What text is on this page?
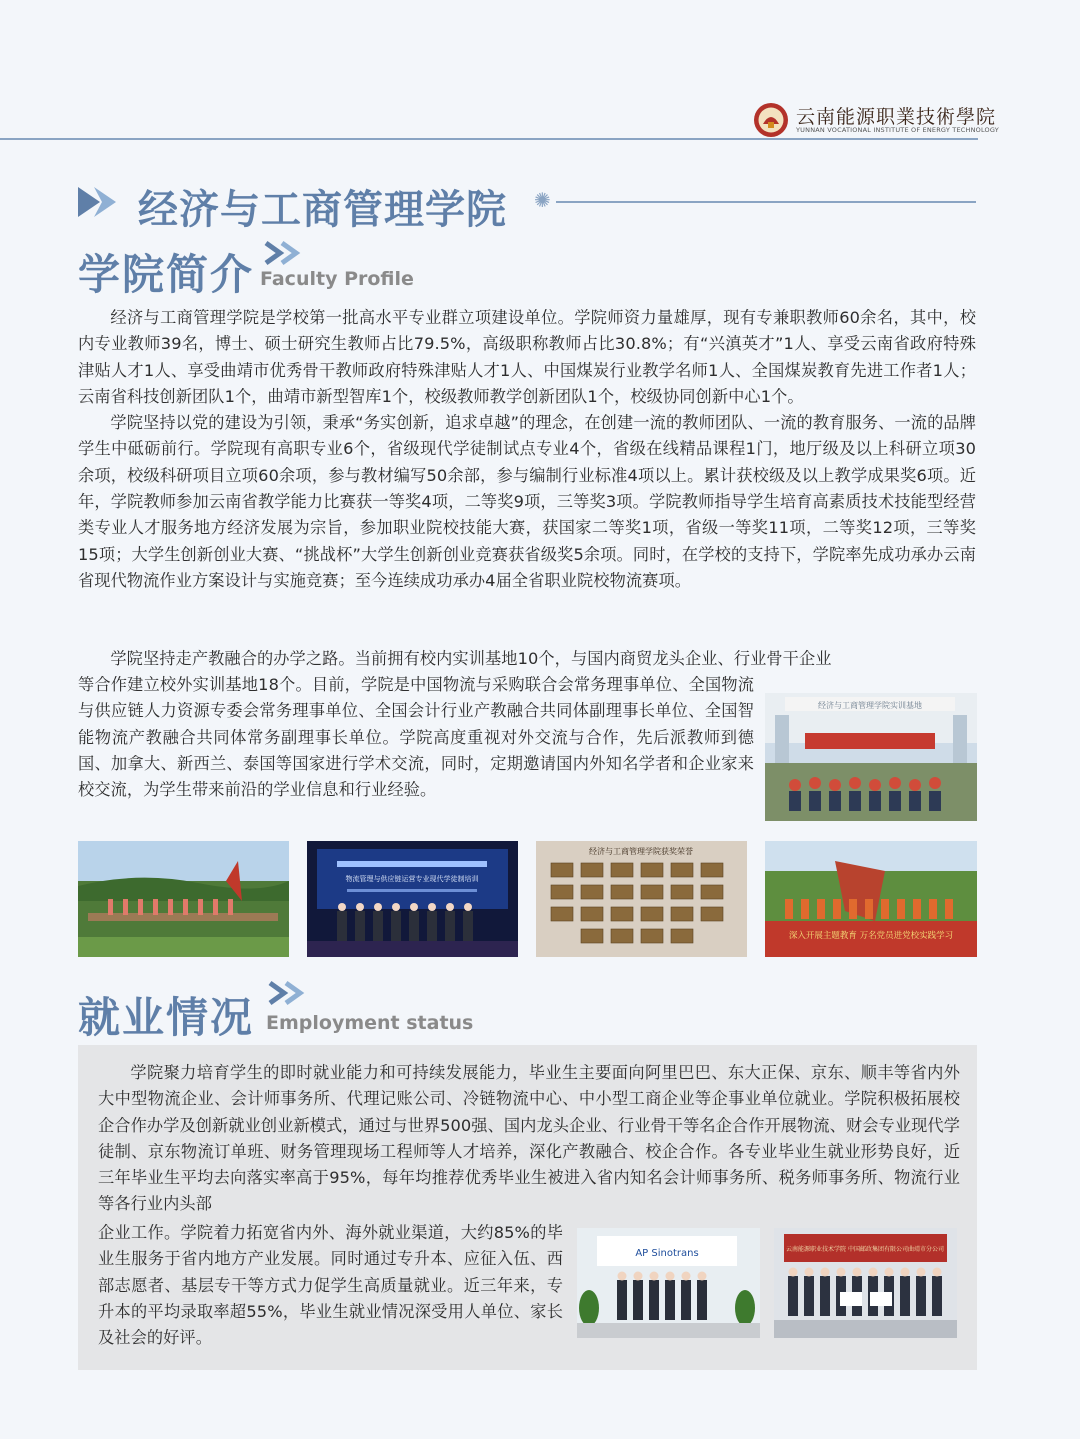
云南能源职業技術學院
YUNNAN VOCATIONAL INSTITUTE OF ENERGY TECHNOLOGY
经济与工商管理学院 ✺
学院简介 Faculty Profile

经济与工商管理学院是学校第一批高水平专业群立项建设单位。学院师资力量雄厚，现有专兼职教师60余名，其中，校内专业教师39名，博士、硕士研究生教师占比79.5%，高级职称教师占比30.8%；有“兴滇英才”1人、享受云南省政府特殊津贴人才1人、享受曲靖市优秀骨干教师政府特殊津贴人才1人、中国煤炭行业教学名师1人、全国煤炭教育先进工作者1人；云南省科技创新团队1个，曲靖市新型智库1个，校级教师教学创新团队1个，校级协同创新中心1个。

学院坚持以党的建设为引领，秉承“务实创新，追求卓越”的理念，在创建一流的教师团队、一流的教育服务、一流的品牌学生中砥砺前行。学院现有高职专业6个，省级现代学徒制试点专业4个，省级在线精品课程1门，地厅级及以上科研立项30余项，校级科研项目立项60余项，参与教材编写50余部，参与编制行业标准4项以上。累计获校级及以上教学成果奖6项。近年，学院教师参加云南省教学能力比赛获一等奖4项，二等奖9项，三等奖3项。学院教师指导学生培育高素质技术技能型经营类专业人才服务地方经济发展为宗旨，参加职业院校技能大赛，获国家二等奖1项，省级一等奖11项，二等奖12项，三等奖15项；大学生创新创业大赛、“挑战杯”大学生创新创业竞赛获省级奖5余项。同时，在学校的支持下，学院率先成功承办云南省现代物流作业方案设计与实施竞赛；至今连续成功承办4届全省职业院校物流赛项。

学院坚持走产教融合的办学之路。当前拥有校内实训基地10个，与国内商贸龙头企业、行业骨干企业

等合作建立校外实训基地18个。目前，学院是中国物流与采购联合会常务理事单位、全国物流与供应链人力资源专委会常务理事单位、全国会计行业产教融合共同体副理事长单位、全国智能物流产教融合共同体常务副理事长单位。学院高度重视对外交流与合作，先后派教师到德国、加拿大、新西兰、泰国等国家进行学术交流，同时，定期邀请国内外知名学者和企业家来校交流，为学生带来前沿的学业信息和行业经验。

经济与工商管理学院实训基地
物流管理与供应链运营专业现代学徒制培训
经济与工商管理学院获奖荣誉
深入开展主题教育 万名党员进党校实践学习
就业情况 Employment status

学院聚力培育学生的即时就业能力和可持续发展能力，毕业生主要面向阿里巴巴、东大正保、京东、顺丰等省内外大中型物流企业、会计师事务所、代理记账公司、冷链物流中心、中小型工商企业等企事业单位就业。学院积极拓展校企合作办学及创新就业创业新模式，通过与世界500强、国内龙头企业、行业骨干等名企合作开展物流、财会专业现代学徒制、京东物流订单班、财务管理现场工程师等人才培养，深化产教融合、校企合作。各专业毕业生就业形势良好，近三年毕业生平均去向落实率高于95%，每年均推荐优秀毕业生被进入省内知名会计师事务所、税务师事务所、物流行业等各行业内头部

企业工作。学院着力拓宽省内外、海外就业渠道，大约85%的毕业生服务于省内地方产业发展。同时通过专升本、应征入伍、西部志愿者、基层专干等方式力促学生高质量就业。近三年来，专升本的平均录取率超55%，毕业生就业情况深受用人单位、家长及社会的好评。

AP Sinotrans	云南能源职业技术学院 中国邮政集团有限公司曲靖市分公司
